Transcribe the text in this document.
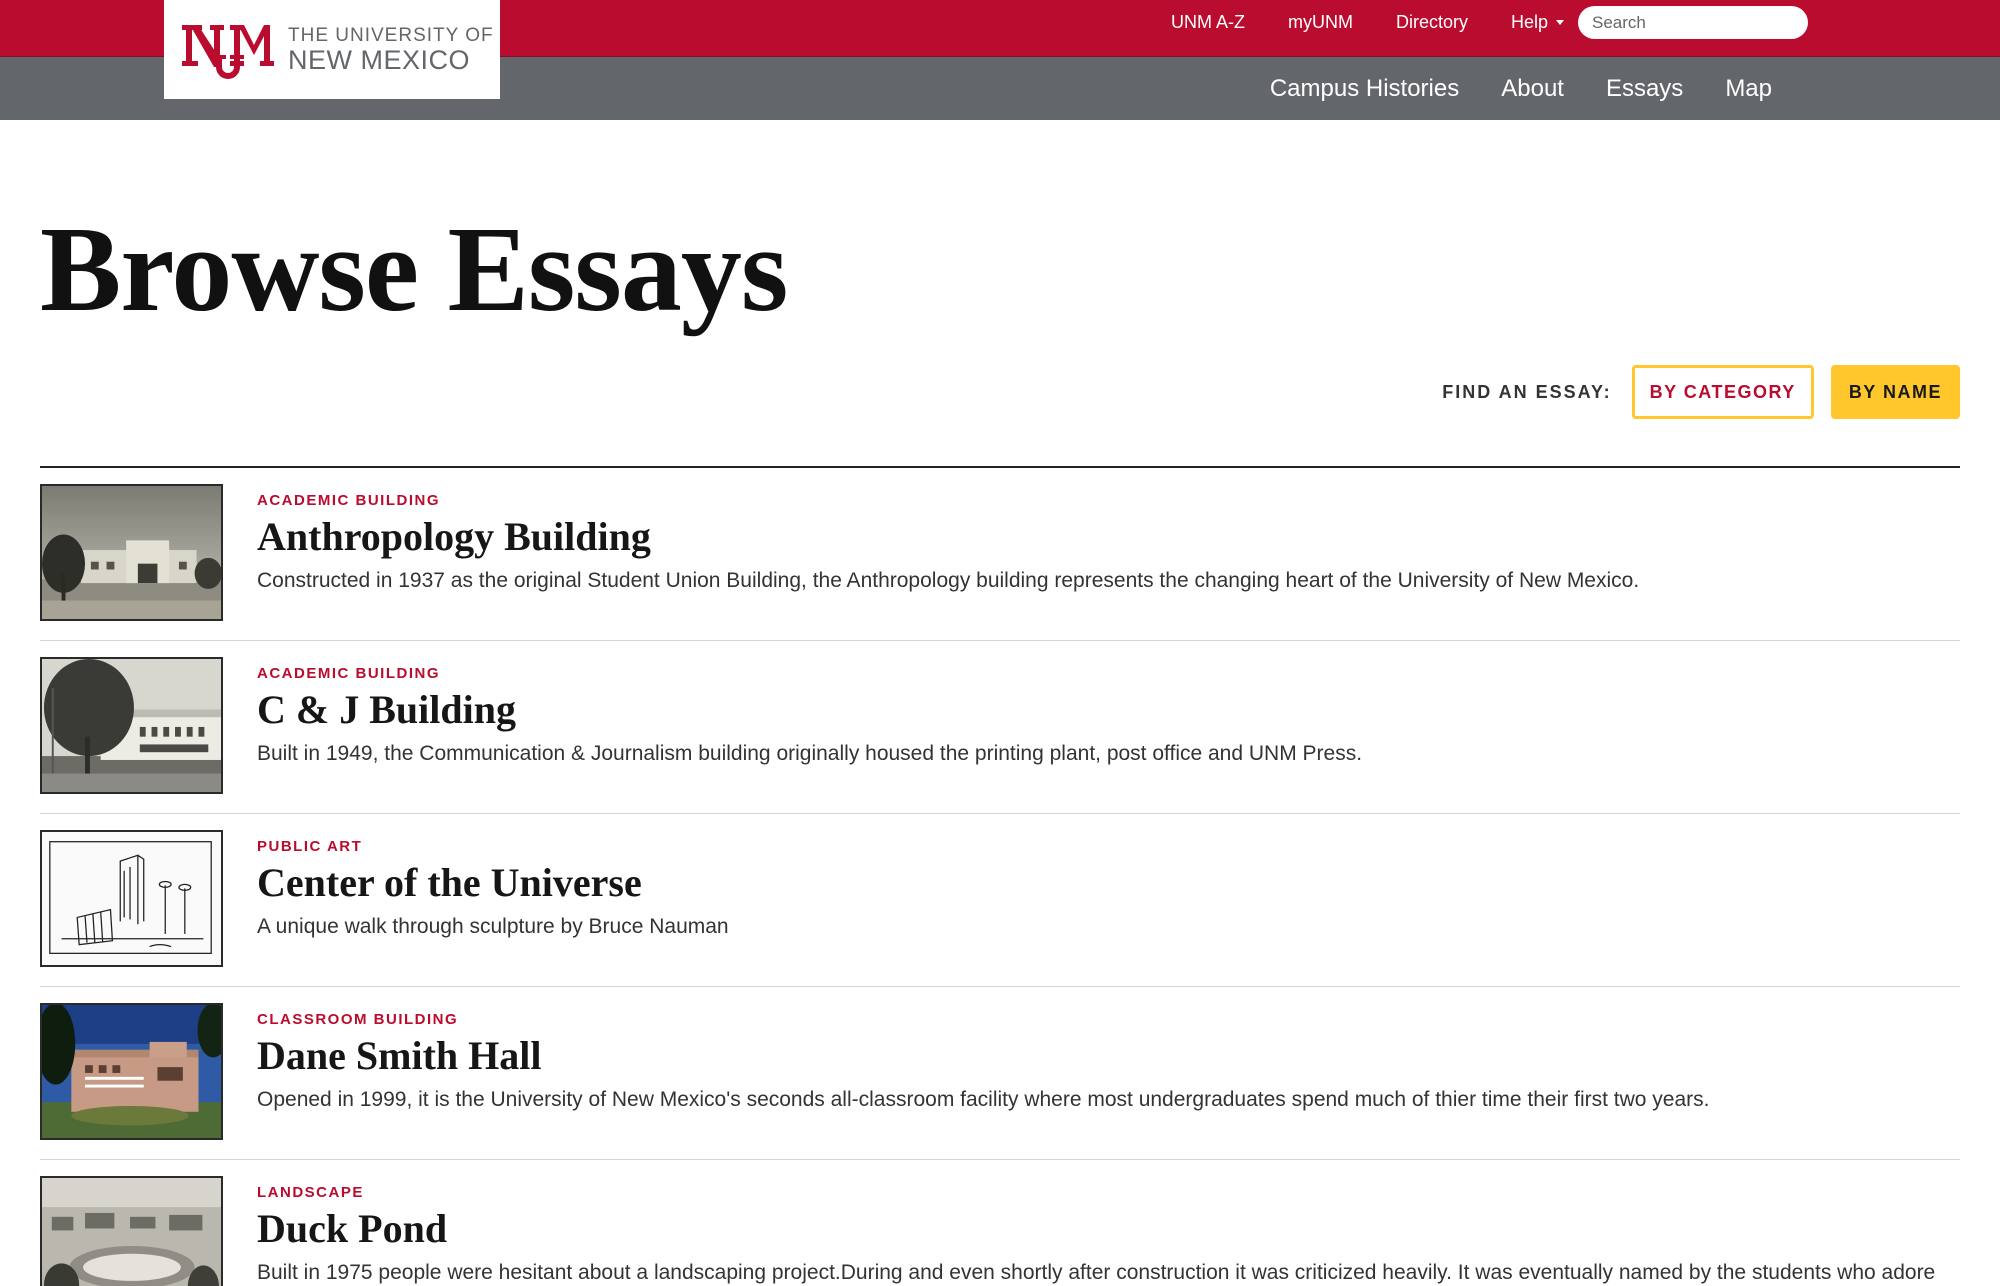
UNM A-Z myUNM Directory Help
Search
Campus Histories About Essays Map
THE UNIVERSITY OF
NEW MEXICO
Browse Essays
FIND AN ESSAY:	BY CATEGORY	BY NAME
ACADEMIC BUILDING
Anthropology Building
Constructed in 1937 as the original Student Union Building, the Anthropology building represents the changing heart of the University of New Mexico.
ACADEMIC BUILDING
C & J Building
Built in 1949, the Communication & Journalism building originally housed the printing plant, post office and UNM Press.
PUBLIC ART
Center of the Universe
A unique walk through sculpture by Bruce Nauman
CLASSROOM BUILDING
Dane Smith Hall
Opened in 1999, it is the University of New Mexico's seconds all-classroom facility where most undergraduates spend much of thier time their first two years.
LANDSCAPE
Duck Pond
Built in 1975 people were hesitant about a landscaping project.During and even shortly after construction it was criticized heavily. It was eventually named by the students who adore
